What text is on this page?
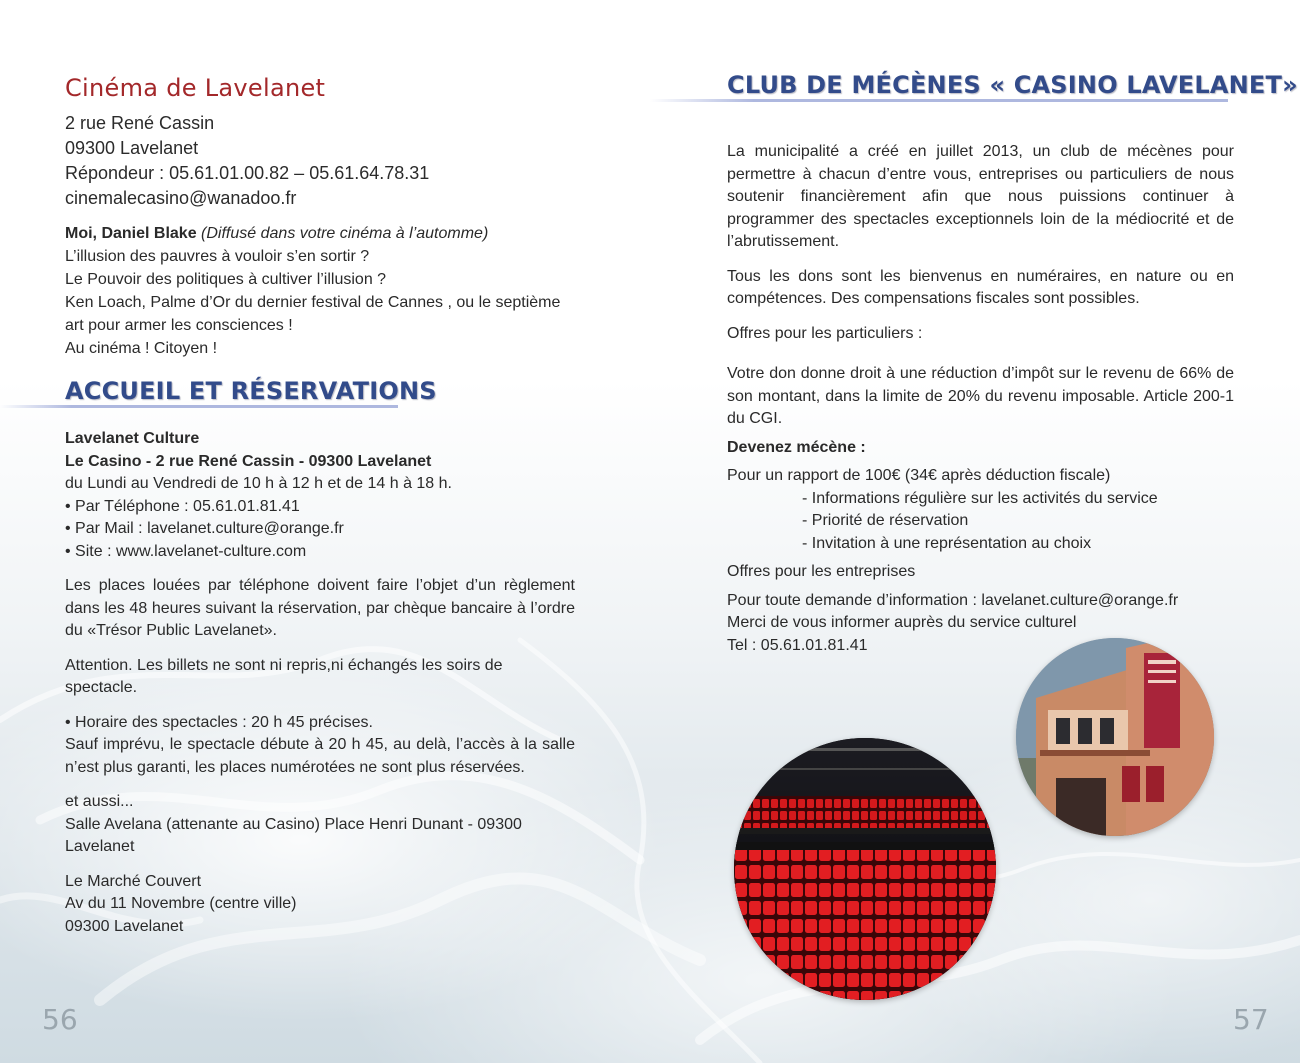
Cinéma de Lavelanet
2 rue René Cassin
09300 Lavelanet
Répondeur : 05.61.01.00.82 – 05.61.64.78.31
cinemalecasino@wanadoo.fr
Moi, Daniel Blake (Diffusé dans votre cinéma à l’automme)
L’illusion des pauvres à vouloir s’en sortir ?
Le Pouvoir des politiques à cultiver l’illusion ?
Ken Loach, Palme d’Or du dernier festival de Cannes , ou le septième art pour armer les consciences !
Au cinéma ! Citoyen !
ACCUEIL ET RÉSERVATIONS

Lavelanet Culture

Le Casino - 2 rue René Cassin - 09300 Lavelanet

du Lundi au Vendredi de 10 h à 12 h et de 14 h à 18 h.

• Par Téléphone : 05.61.01.81.41

• Par Mail : lavelanet.culture@orange.fr

• Site : www.lavelanet-culture.com

Les places louées par téléphone doivent faire l’objet d’un règlement dans les 48 heures suivant la réservation, par chèque bancaire à l’ordre du «Trésor Public Lavelanet».

Attention. Les billets ne sont ni repris,ni échangés les soirs de spectacle.

• Horaire des spectacles : 20 h 45 précises.

Sauf imprévu, le spectacle débute à 20 h 45, au delà, l’accès à la salle n’est plus garanti, les places numérotées ne sont plus réservées.

et aussi...

Salle Avelana (attenante au Casino) Place Henri Dunant - 09300 Lavelanet

Le Marché Couvert

Av du 11 Novembre (centre ville)

09300 Lavelanet

56
CLUB DE MÉCÈNES « CASINO LAVELANET»

La municipalité a créé en juillet 2013, un club de mécènes pour permettre à chacun d’entre vous, entreprises ou particuliers de nous soutenir financièrement afin que nous puissions continuer à programmer des spectacles exceptionnels loin de la médiocrité et de l’abrutissement.

Tous les dons sont les bienvenus en numéraires, en nature ou en compétences. Des compensations fiscales sont possibles.

Offres pour les particuliers :

Votre don donne droit à une réduction d’impôt sur le revenu de 66% de son montant, dans la limite de 20% du revenu imposable. Article 200-1 du CGI.

Devenez mécène :

Pour un rapport de 100€ (34€ après déduction fiscale)

- Informations régulière sur les activités du service

- Priorité de réservation

- Invitation à une représentation au choix

Offres pour les entreprises

Pour toute demande d’information : lavelanet.culture@orange.fr

Merci de vous informer auprès du service culturel

Tel : 05.61.01.81.41

57
